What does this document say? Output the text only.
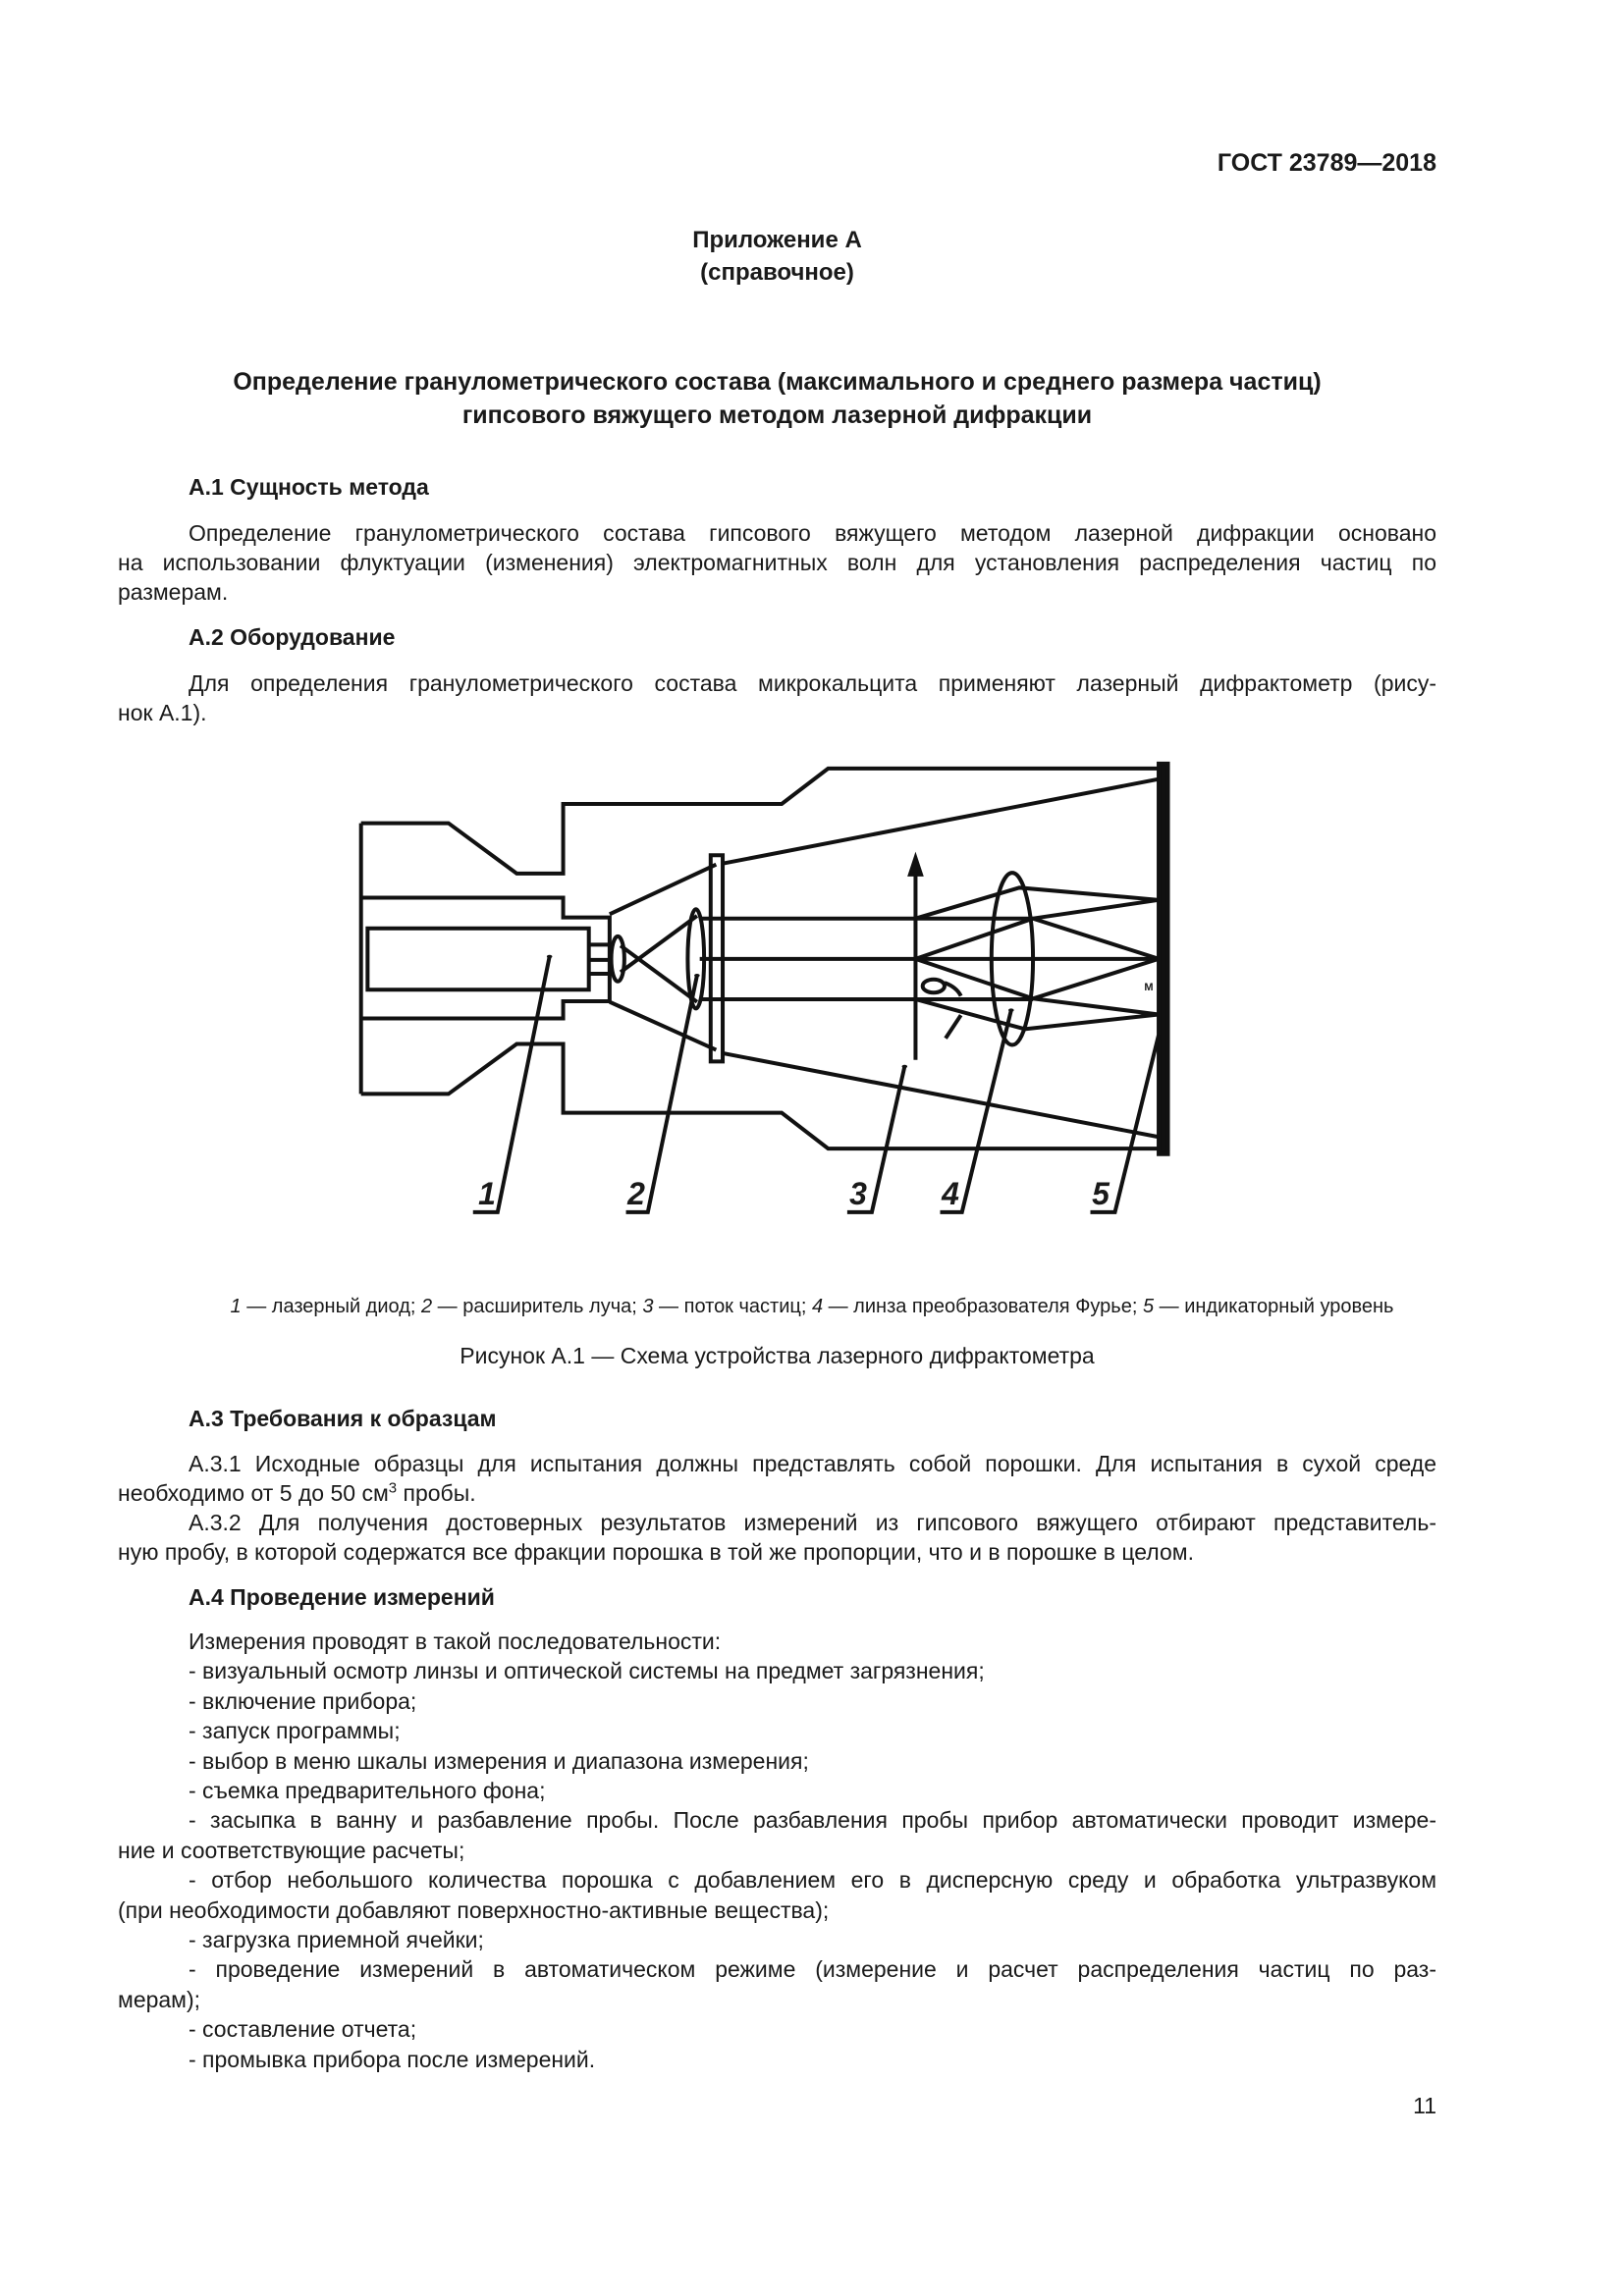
ГОСТ 23789—2018
Приложение А
(справочное)
Определение гранулометрического состава (максимального и среднего размера частиц)
гипсового вяжущего методом лазерной дифракции
А.1 Сущность метода
Определение гранулометрического состава гипсового вяжущего методом лазерной дифракции основано
на использовании флуктуации (изменения) электромагнитных волн для установления распределения частиц по
размерам.
А.2 Оборудование
Для определения гранулометрического состава микрокальцита применяют лазерный дифрактометр (рису-
нок А.1).
M
1	2	3	4	5
1 — лазерный диод; 2 — расширитель луча; 3 — поток частиц; 4 — линза преобразователя Фурье; 5 — индикаторный уровень
Рисунок А.1 — Схема устройства лазерного дифрактометра
А.3 Требования к образцам
А.3.1 Исходные образцы для испытания должны представлять собой порошки. Для испытания в сухой среде
необходимо от 5 до 50 $см^3$ пробы.
А.3.2 Для получения достоверных результатов измерений из гипсового вяжущего отбирают представитель-
ную пробу, в которой содержатся все фракции порошка в той же пропорции, что и в порошке в целом.
А.4 Проведение измерений
Измерения проводят в такой последовательности:
- визуальный осмотр линзы и оптической системы на предмет загрязнения;
- включение прибора;
- запуск программы;
- выбор в меню шкалы измерения и диапазона измерения;
- съемка предварительного фона;
- засыпка в ванну и разбавление пробы. После разбавления пробы прибор автоматически проводит измере-
ние и соответствующие расчеты;
- отбор небольшого количества порошка с добавлением его в дисперсную среду и обработка ультразвуком
(при необходимости добавляют поверхностно-активные вещества);
- загрузка приемной ячейки;
- проведение измерений в автоматическом режиме (измерение и расчет распределения частиц по раз-
мерам);
- составление отчета;
- промывка прибора после измерений.
11
